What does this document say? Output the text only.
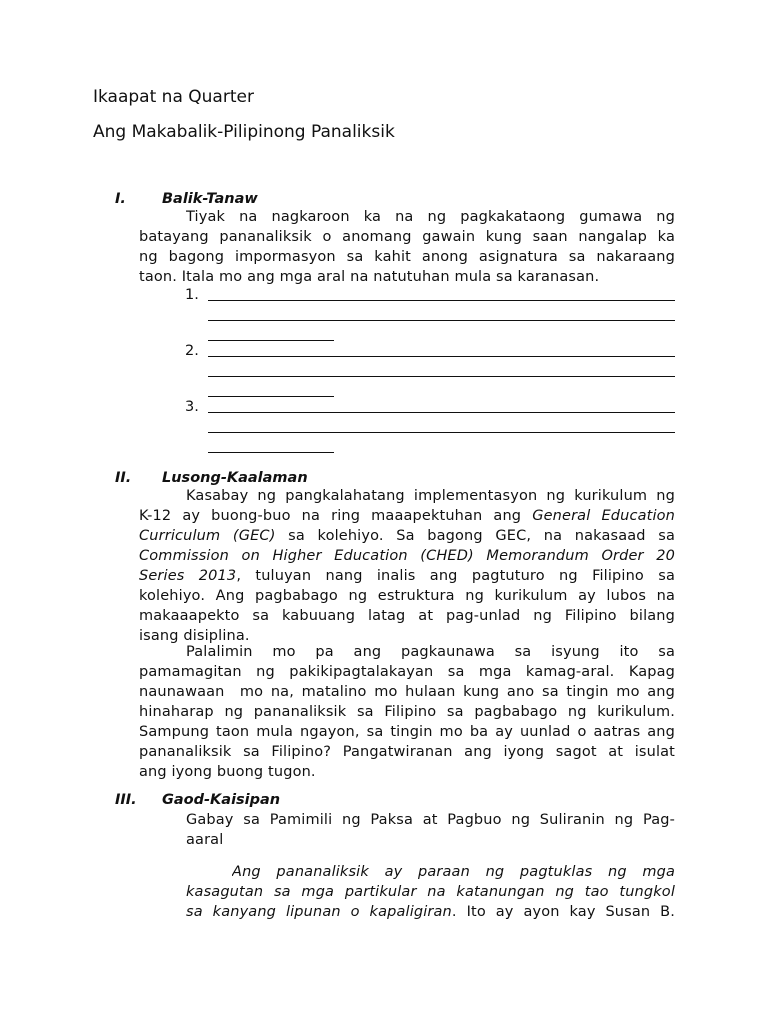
Ikaapat na Quarter
Ang Makabalik-Pilipinong Panaliksik
I. Balik-Tanaw
Tiyak na nagkaroon ka na ng pagkakataong gumawa ng
batayang pananaliksik o anomang gawain kung saan nangalap ka
ng bagong impormasyon sa kahit anong asignatura sa nakaraang
taon. Itala mo ang mga aral na natutuhan mula sa karanasan.
1.
2.
3.
II. Lusong-Kaalaman
Kasabay ng pangkalahatang implementasyon ng kurikulum ng
K-12 ay buong-buo na ring maaapektuhan ang General Education
Curriculum (GEC) sa kolehiyo. Sa bagong GEC, na nakasaad sa
Commission on Higher Education (CHED) Memorandum Order 20
Series 2013, tuluyan nang inalis ang pagtuturo ng Filipino sa
kolehiyo. Ang pagbabago ng estruktura ng kurikulum ay lubos na
makaaapekto sa kabuuang latag at pag-unlad ng Filipino bilang
isang disiplina.
Palalimin mo pa ang pagkaunawa sa isyung ito sa
pamamagitan ng pakikipagtalakayan sa mga kamag-aral. Kapag
naunawaan  mo na, matalino mo hulaan kung ano sa tingin mo ang
hinaharap ng pananaliksik sa Filipino sa pagbabago ng kurikulum.
Sampung taon mula ngayon, sa tingin mo ba ay uunlad o aatras ang
pananaliksik sa Filipino? Pangatwiranan ang iyong sagot at isulat
ang iyong buong tugon.
III. Gaod-Kaisipan
Gabay sa Pamimili ng Paksa at Pagbuo ng Suliranin ng Pag-
aaral
Ang pananaliksik ay paraan ng pagtuklas ng mga
kasagutan sa mga partikular na katanungan ng tao tungkol
sa kanyang lipunan o kapaligiran. Ito ay ayon kay Susan B.
